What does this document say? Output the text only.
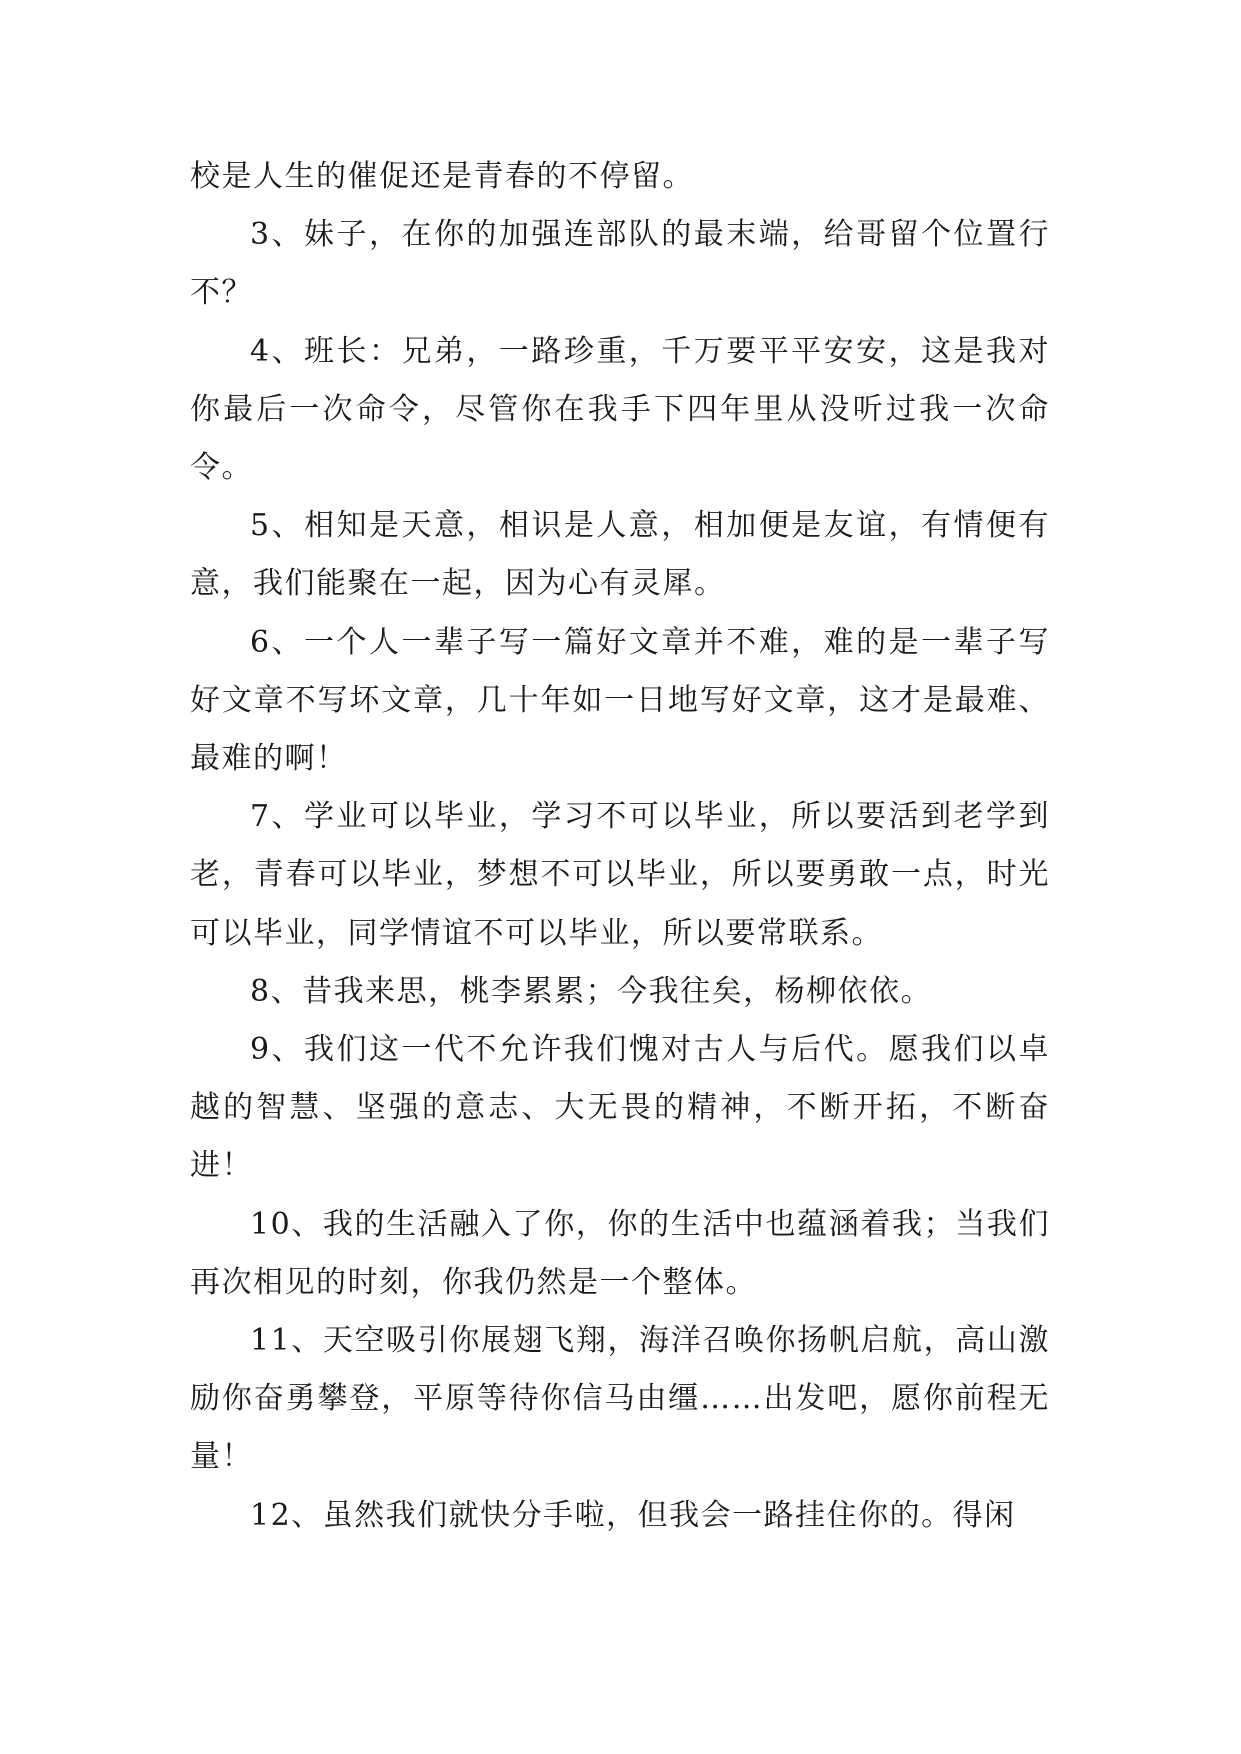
校是人生的催促还是青春的不停留。

3、妹子，在你的加强连部队的最末端，给哥留个位置行不？

4、班长：兄弟，一路珍重，千万要平平安安，这是我对你最后一次命令，尽管你在我手下四年里从没听过我一次命令。

5、相知是天意，相识是人意，相加便是友谊，有情便有意，我们能聚在一起，因为心有灵犀。

6、一个人一辈子写一篇好文章并不难，难的是一辈子写好文章不写坏文章，几十年如一日地写好文章，这才是最难、最难的啊！

7、学业可以毕业，学习不可以毕业，所以要活到老学到老，青春可以毕业，梦想不可以毕业，所以要勇敢一点，时光可以毕业，同学情谊不可以毕业，所以要常联系。

8、昔我来思，桃李累累；今我往矣，杨柳依依。

9、我们这一代不允许我们愧对古人与后代。愿我们以卓越的智慧、坚强的意志、大无畏的精神，不断开拓，不断奋进！

10、我的生活融入了你，你的生活中也蕴涵着我；当我们再次相见的时刻，你我仍然是一个整体。

11、天空吸引你展翅飞翔，海洋召唤你扬帆启航，高山激励你奋勇攀登，平原等待你信马由缰……出发吧，愿你前程无量！

12、虽然我们就快分手啦，但我会一路挂住你的。得闲
